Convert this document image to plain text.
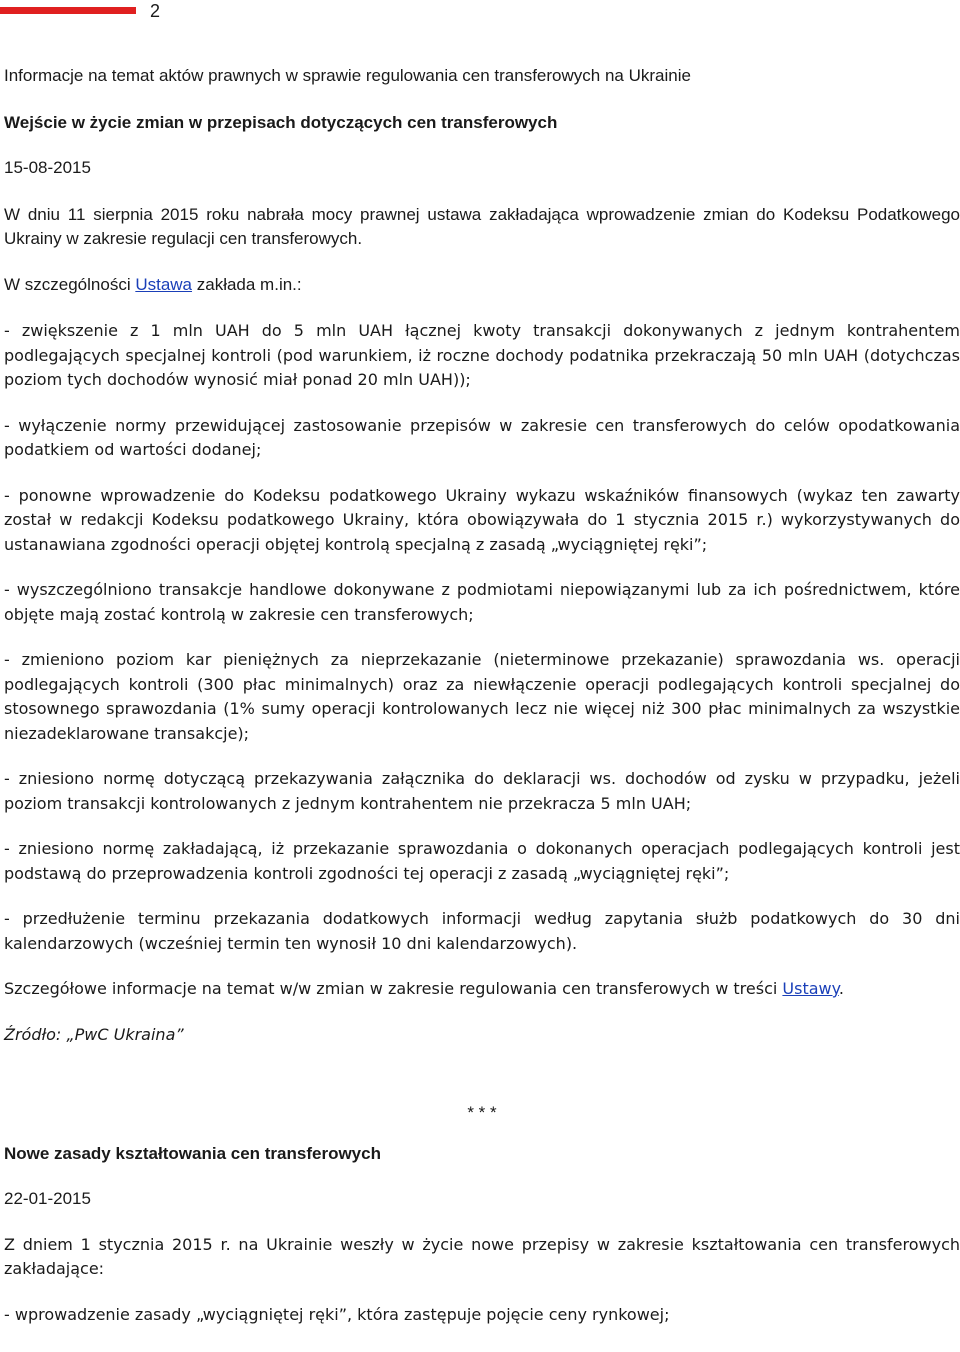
2

Informacje na temat aktów prawnych w sprawie regulowania cen transferowych na Ukrainie

Wejście w życie zmian w przepisach dotyczących cen transferowych

15-08-2015

W dniu 11 sierpnia 2015 roku nabrała mocy prawnej ustawa zakładająca wprowadzenie zmian do Kodeksu Podatkowego Ukrainy w zakresie regulacji cen transferowych.

W szczególności Ustawa zakłada m.in.:

- zwiększenie z 1 mln UAH do 5 mln UAH łącznej kwoty transakcji dokonywanych z jednym kontrahentem podlegających specjalnej kontroli (pod warunkiem, iż roczne dochody podatnika przekraczają 50 mln UAH (dotychczas poziom tych dochodów wynosić miał ponad 20 mln UAH));

- wyłączenie normy przewidującej zastosowanie przepisów w zakresie cen transferowych do celów opodatkowania podatkiem od wartości dodanej;

- ponowne wprowadzenie do Kodeksu podatkowego Ukrainy wykazu wskaźników finansowych (wykaz ten zawarty został w redakcji Kodeksu podatkowego Ukrainy, która obowiązywała do 1 stycznia 2015 r.) wykorzystywanych do ustanawiana zgodności operacji objętej kontrolą specjalną z zasadą „wyciągniętej ręki”;

- wyszczególniono transakcje handlowe dokonywane z podmiotami niepowiązanymi lub za ich pośrednictwem, które objęte mają zostać kontrolą w zakresie cen transferowych;

- zmieniono poziom kar pieniężnych za nieprzekazanie (nieterminowe przekazanie) sprawozdania ws. operacji podlegających kontroli (300 płac minimalnych) oraz za niewłączenie operacji podlegających kontroli specjalnej do stosownego sprawozdania (1% sumy operacji kontrolowanych lecz nie więcej niż 300 płac minimalnych za wszystkie niezadeklarowane transakcje);

- zniesiono normę dotyczącą przekazywania załącznika do deklaracji ws. dochodów od zysku w przypadku, jeżeli poziom transakcji kontrolowanych z jednym kontrahentem nie przekracza 5 mln UAH;

- zniesiono normę zakładającą, iż przekazanie sprawozdania o dokonanych operacjach podlegających kontroli jest podstawą do przeprowadzenia kontroli zgodności tej operacji z zasadą „wyciągniętej ręki”;

- przedłużenie terminu przekazania dodatkowych informacji według zapytania służb podatkowych do 30 dni kalendarzowych (wcześniej termin ten wynosił 10 dni kalendarzowych).

Szczegółowe informacje na temat w/w zmian w zakresie regulowania cen transferowych w treści Ustawy.

Źródło: „PwC Ukraina”

* * *

Nowe zasady kształtowania cen transferowych

22-01-2015

Z dniem 1 stycznia 2015 r. na Ukrainie weszły w życie nowe przepisy w zakresie kształtowania cen transferowych zakładające:

- wprowadzenie zasady „wyciągniętej ręki”, która zastępuje pojęcie ceny rynkowej;
